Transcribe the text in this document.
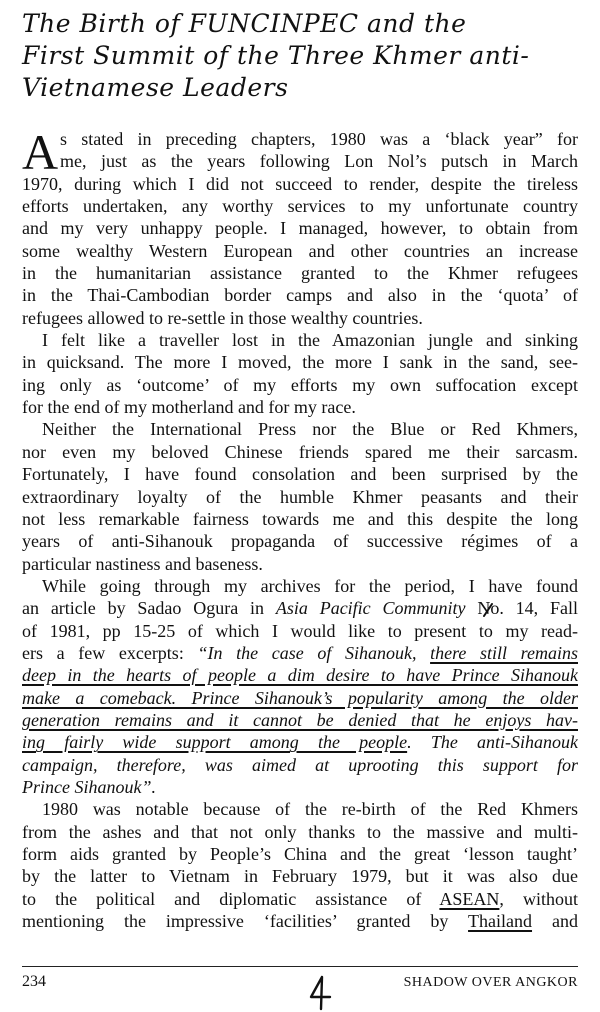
The Birth of FUNCINPEC and the
First Summit of the Three Khmer anti-
Vietnamese Leaders
A s stated in preceding chapters, 1980 was a ‘black year” for
me, just as the years following Lon Nol’s putsch in March
1970, during which I did not succeed to render, despite the tireless
efforts undertaken, any worthy services to my unfortunate country
and my very unhappy people. I managed, however, to obtain from
some wealthy Western European and other countries an increase
in the humanitarian assistance granted to the Khmer refugees
in the Thai-Cambodian border camps and also in the ‘quota’ of
refugees allowed to re-settle in those wealthy countries.
I felt like a traveller lost in the Amazonian jungle and sinking
in quicksand. The more I moved, the more I sank in the sand, see-
ing only as ‘outcome’ of my efforts my own suffocation except
for the end of my motherland and for my race.
Neither the International Press nor the Blue or Red Khmers,
nor even my beloved Chinese friends spared me their sarcasm.
Fortunately, I have found consolation and been surprised by the
extraordinary loyalty of the humble Khmer peasants and their
not less remarkable fairness towards me and this despite the long
years of anti-Sihanouk propaganda of successive régimes of a
particular nastiness and baseness.
While going through my archives for the period, I have found
an article by Sadao Ogura in Asia Pacific Community No. 14, Fall
of 1981, pp 15-25 of which I would like to present to my read-
ers a few excerpts: “In the case of Sihanouk, there still remains
deep in the hearts of people a dim desire to have Prince Sihanouk
make a comeback. Prince Sihanouk’s popularity among the older
generation remains and it cannot be denied that he enjoys hav-
ing fairly wide support among the people. The anti-Sihanouk
campaign, therefore, was aimed at uprooting this support for
Prince Sihanouk”.
1980 was notable because of the re-birth of the Red Khmers
from the ashes and that not only thanks to the massive and multi-
form aids granted by People’s China and the great ‘lesson taught’
by the latter to Vietnam in February 1979, but it was also due
to the political and diplomatic assistance of ASEAN, without
mentioning the impressive ‘facilities’ granted by Thailand and
234	SHADOW OVER ANGKOR
